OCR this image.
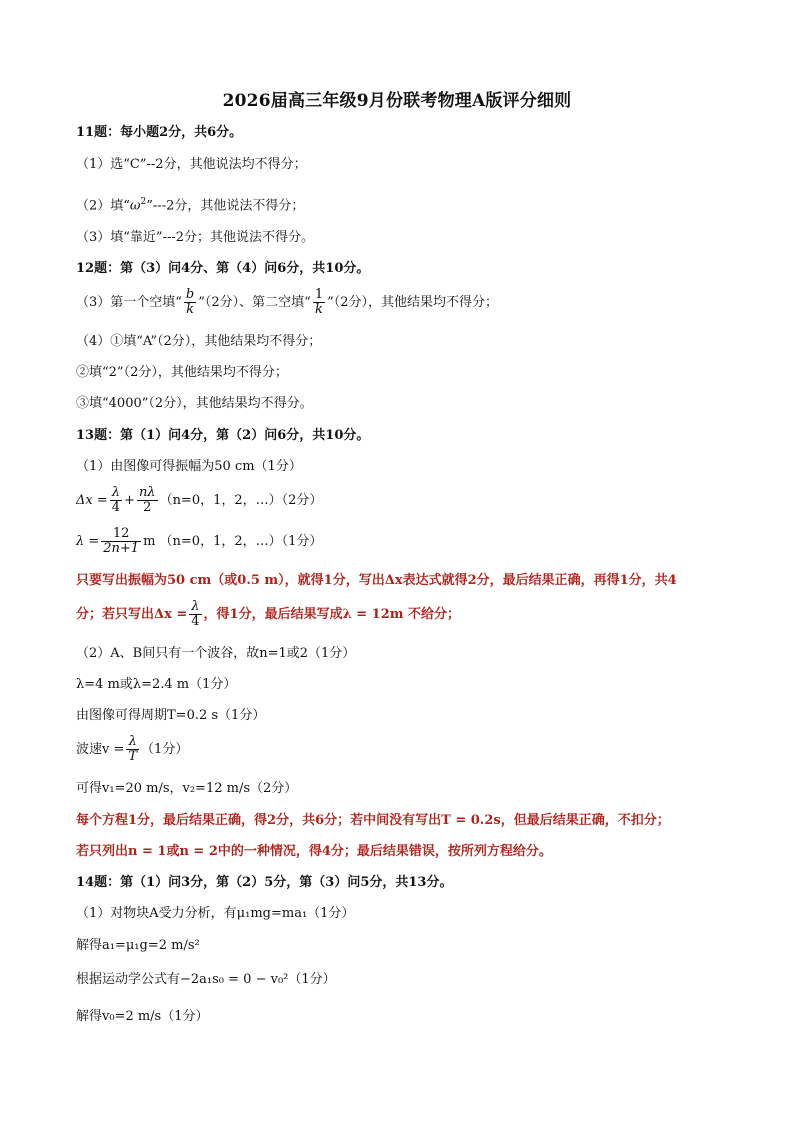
2026届高三年级9月份联考物理A版评分细则
11题：每小题2分，共6分。
（1）选“C”--2分，其他说法均不得分；
（2）填“$\omega^2”---2$分，其他说法不得分；
（3）填“靠近”---2分；其他说法不得分。
12题：第（3）问4分、第（4）问6分，共10分。
（3）第一个空填“ $\frac{b}{k}$ ”（2分）、第二空填“ $\frac{1}{k}$ ”（2分），其他结果均不得分；
（4）①填“A”（2分），其他结果均不得分；
②填“2”（2分），其他结果均不得分；
③填“4000”（2分），其他结果均不得分。
13题：第（1）问4分，第（2）问6分，共10分。
（1）由图像可得振幅为50 cm（1分）
$\Delta x = \frac{\lambda}{4} + \frac{n\lambda}{2} (n=0$，1，2，…）（2分）
$\lambda = \frac{12}{2n+1}$ m （n=0，1，2，…）（1分）
只要写出振幅为50 cm（或0.5 m），就得1分，写出Δx表达式就得2分，最后结果正确，再得1分，共4
分；若只写出$\Delta x = \frac{\lambda}{4}$ ，得1分，最后结果写成λ = 12m 不给分；
（2）A、B间只有一个波谷，故n=1或2（1分）
λ=4 m或λ=2.4 m（1分）
由图像可得周期T=0.2 s（1分）
波速$v = \frac{\lambda}{T} (1$分）
可得v₁=20 m/s，v₂=12 m/s（2分）
每个方程1分，最后结果正确，得2分，共6分；若中间没有写出T = 0.2s，但最后结果正确，不扣分；
若只列出n = 1或n = 2中的一种情况，得4分；最后结果错误，按所列方程给分。
14题：第（1）问3分，第（2）5分，第（3）问5分，共13分。
（1）对物块A受力分析，有μ₁mg=ma₁（1分）
解得a₁=μ₁g=2 m/s²
根据运动学公式有−2a₁s₀ = 0 − v₀²（1分）
解得v₀=2 m/s（1分）
